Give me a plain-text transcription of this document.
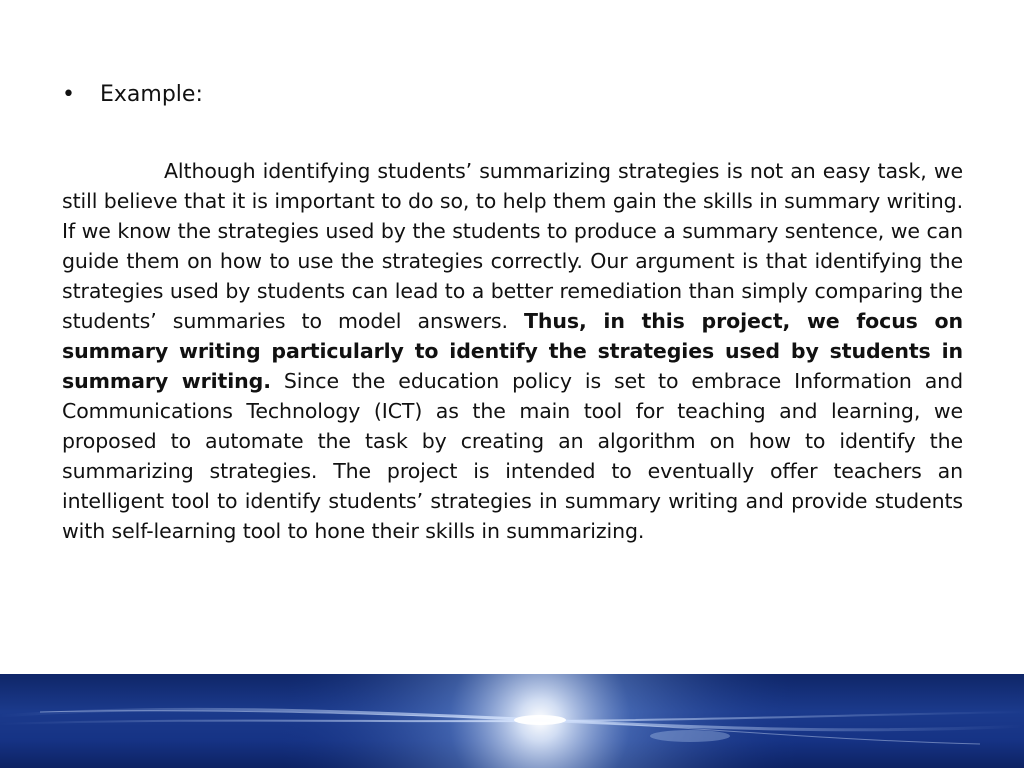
•	Example:

Although identifying students’ summarizing strategies is not an easy task, we still believe that it is important to do so, to help them gain the skills in summary writing. If we know the strategies used by the students to produce a summary sentence, we can guide them on how to use the strategies correctly. Our argument is that identifying the strategies used by students can lead to a better remediation than simply comparing the students’ summaries to model answers. Thus, in this project, we focus on summary writing particularly to identify the strategies used by students in summary writing. Since the education policy is set to embrace Information and Communications Technology (ICT) as the main tool for teaching and learning, we proposed to automate the task by creating an algorithm on how to identify the summarizing strategies. The project is intended to eventually offer teachers an intelligent tool to identify students’ strategies in summary writing and provide students with self-learning tool to hone their skills in summarizing.
